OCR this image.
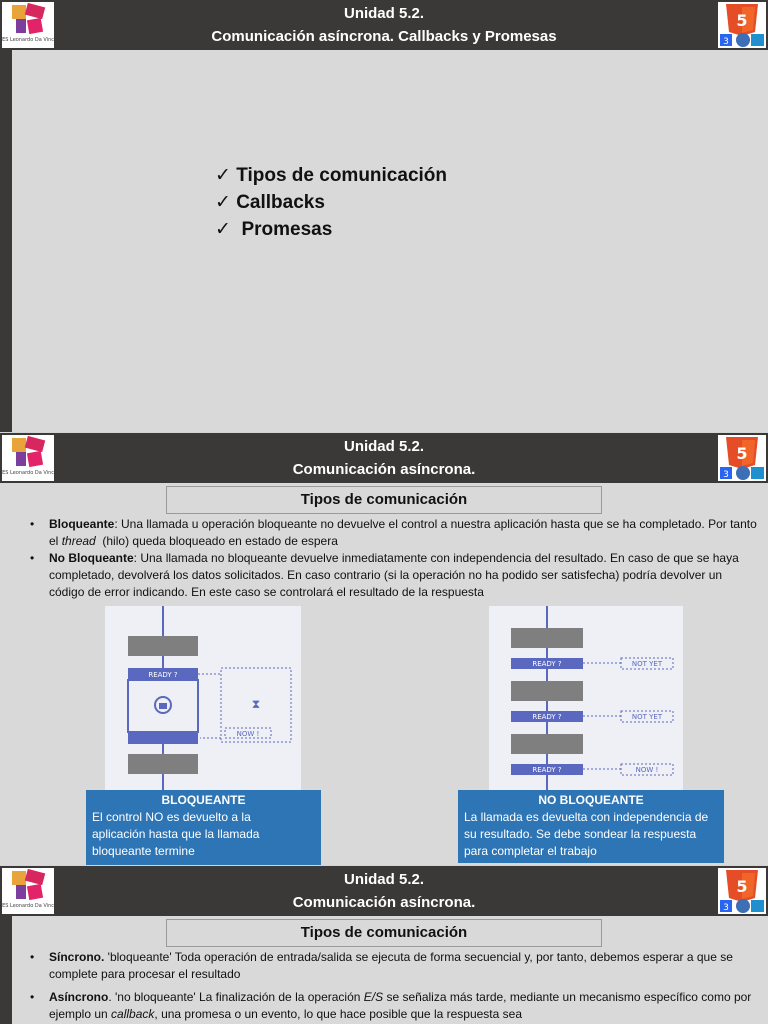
Unidad 5.2.
Comunicación asíncrona. Callbacks y Promesas
IES Leonardo Da Vinci
5
3
✓ Tipos de comunicación
✓ Callbacks
✓  Promesas
Unidad 5.2.
Comunicación asíncrona.
IES Leonardo Da Vinci
5
3
Tipos de comunicación
• Bloqueante: Una llamada u operación bloqueante no devuelve el control a nuestra aplicación hasta que se ha completado. Por tanto el thread  (hilo) queda bloqueado en estado de espera
• No Bloqueante: Una llamada no bloqueante devuelve inmediatamente con independencia del resultado. En caso de que se haya completado, devolverá los datos solicitados. En caso contrario (si la operación no ha podido ser satisfecha) podría devolver un código de error indicando. En este caso se controlará el resultado de la respuesta
READY ?
⧗
NOW !
READY ?	NOT YET
READY ?	NOT YET
READY ?	NOW !
BLOQUEANTE
El control NO es devuelto a la aplicación hasta que la llamada bloqueante termine
NO BLOQUEANTE
La llamada es devuelta con independencia de su resultado. Se debe sondear la respuesta para completar el trabajo
Unidad 5.2.
Comunicación asíncrona.
IES Leonardo Da Vinci
5
3
Tipos de comunicación
• Síncrono. 'bloqueante' Toda operación de entrada/salida se ejecuta de forma secuencial y, por tanto, debemos esperar a que se complete para procesar el resultado
• Asíncrono. 'no bloqueante' La finalización de la operación E/S se señaliza más tarde, mediante un mecanismo específico como por ejemplo un callback, una promesa o un evento, lo que hace posible que la respuesta sea
